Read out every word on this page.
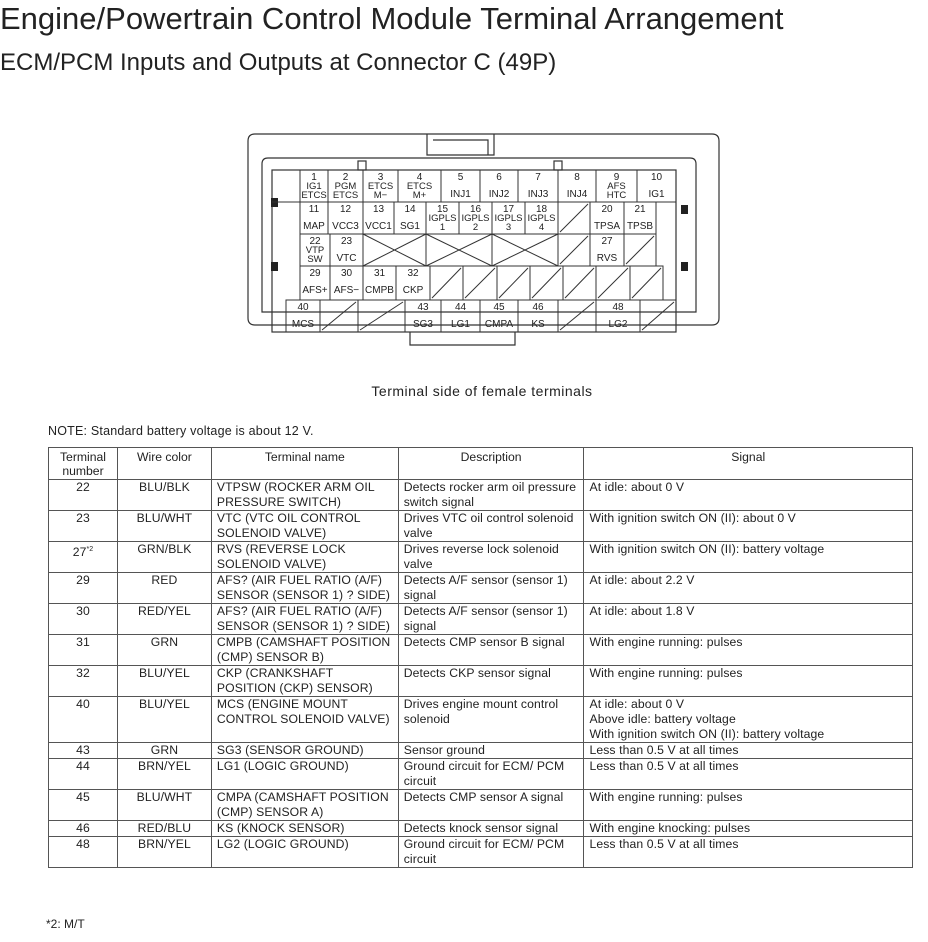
Engine/Powertrain Control Module Terminal Arrangement
ECM/PCM Inputs and Outputs at Connector C (49P)
1
IG1
ETCS
2
PGM
ETCS
3
ETCS
M−
4
ETCS
M+
5
INJ1
6
INJ2
7
INJ3
8
INJ4
9
AFS
HTC
10
IG1
11
MAP
12
VCC3
13
VCC1
14
SG1
15
IGPLS
1
16
IGPLS
2
17
IGPLS
3
18
IGPLS
4
20
TPSA
21
TPSB
22
VTP
SW
23
VTC
27
RVS
29
AFS+
30
AFS−
31
CMPB
32
CKP
40
MCS
43
SG3
44
LG1
45
CMPA
46
KS
48
LG2
Terminal side of female terminals
NOTE: Standard battery voltage is about 12 V.
Terminal number	Wire color	Terminal name	Description	Signal
22	BLU/BLK	VTPSW (ROCKER ARM OIL PRESSURE SWITCH)	Detects rocker arm oil pressure switch signal	At idle: about 0 V

23	BLU/WHT	VTC (VTC OIL CONTROL SOLENOID VALVE)	Drives VTC oil control solenoid valve	With ignition switch ON (II): about 0 V

27$^{*2}$	GRN/BLK	RVS (REVERSE LOCK SOLENOID VALVE)	Drives reverse lock solenoid valve	With ignition switch ON (II): battery voltage

29	RED	AFS? (AIR FUEL RATIO (A/F) SENSOR (SENSOR 1) ? SIDE)	Detects A/F sensor (sensor 1) signal	At idle: about 2.2 V

30	RED/YEL	AFS? (AIR FUEL RATIO (A/F) SENSOR (SENSOR 1) ? SIDE)	Detects A/F sensor (sensor 1) signal	At idle: about 1.8 V

31	GRN	CMPB (CAMSHAFT POSITION (CMP) SENSOR B)	Detects CMP sensor B signal	With engine running: pulses

32	BLU/YEL	CKP (CRANKSHAFT POSITION (CKP) SENSOR)	Detects CKP sensor signal	With engine running: pulses

40	BLU/YEL	MCS (ENGINE MOUNT CONTROL SOLENOID VALVE)	Drives engine mount control solenoid	At idle: about 0 V
Above idle: battery voltage
With ignition switch ON (II): battery voltage

43	GRN	SG3 (SENSOR GROUND)	Sensor ground	Less than 0.5 V at all times

44	BRN/YEL	LG1 (LOGIC GROUND)	Ground circuit for ECM/ PCM circuit	Less than 0.5 V at all times

45	BLU/WHT	CMPA (CAMSHAFT POSITION (CMP) SENSOR A)	Detects CMP sensor A signal	With engine running: pulses

46	RED/BLU	KS (KNOCK SENSOR)	Detects knock sensor signal	With engine knocking: pulses

48	BRN/YEL	LG2 (LOGIC GROUND)	Ground circuit for ECM/ PCM circuit	Less than 0.5 V at all times
*2: M/T
